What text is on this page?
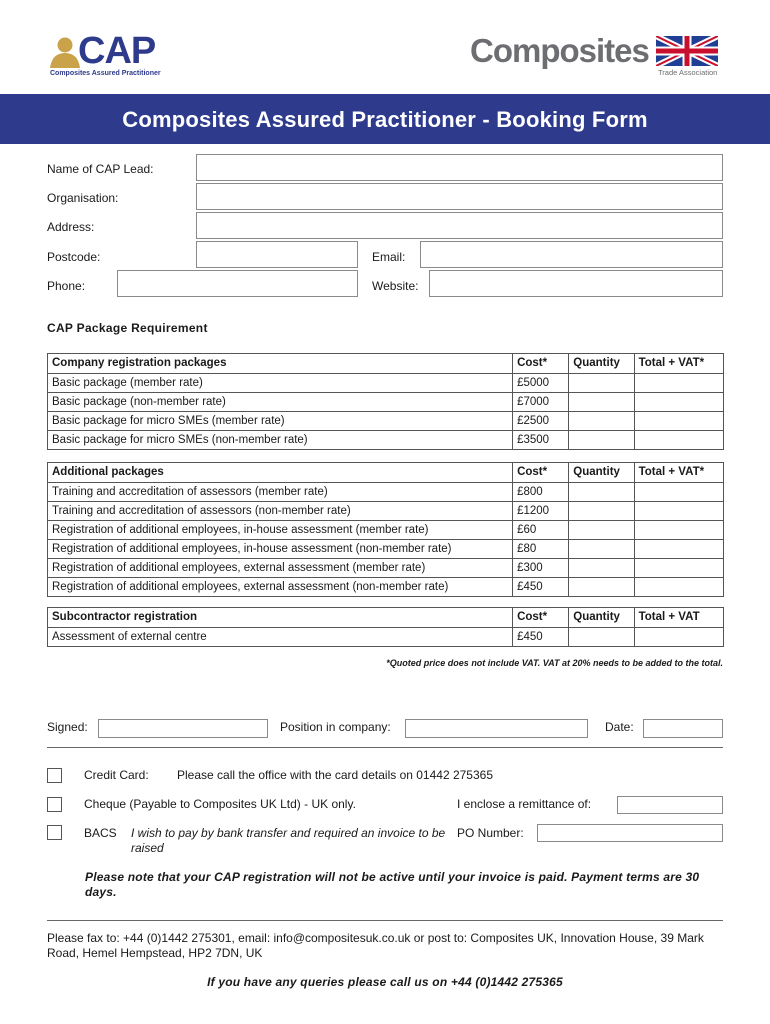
CAP
Composites Assured Practitioner
Composites
Trade Association
Composites Assured Practitioner - Booking Form
Name of CAP Lead:
Organisation:
Address:
Postcode:	Email:
Phone:	Website:
CAP Package Requirement
Company registration packages	Cost*	Quantity	Total + VAT*
Basic package (member rate)	£5000		
Basic package (non-member rate)	£7000		
Basic package for micro SMEs (member rate)	£2500		
Basic package for micro SMEs (non-member rate)	£3500		
Additional packages	Cost*	Quantity	Total + VAT*
Training and accreditation of assessors (member rate)	£800		
Training and accreditation of assessors (non-member rate)	£1200		
Registration of additional employees, in-house assessment (member rate)	£60		
Registration of additional employees, in-house assessment (non-member rate)	£80		
Registration of additional employees, external assessment (member rate)	£300		
Registration of additional employees, external assessment (non-member rate)	£450		
Subcontractor registration	Cost*	Quantity	Total + VAT
Assessment of external centre	£450		
*Quoted price does not include VAT. VAT at 20% needs to be added to the total.
Signed:	Position in company:	Date:
Credit Card: Please call the office with the card details on 01442 275365
Cheque (Payable to Composites UK Ltd) - UK only.	I enclose a remittance of:
BACS I wish to pay by bank transfer and required an invoice to be raised
PO Number:
Please note that your CAP registration will not be active until your invoice is paid. Payment terms are 30 days.
Please fax to: +44 (0)1442 275301, email: info@compositesuk.co.uk or post to: Composites UK, Innovation House, 39 Mark Road, Hemel Hempstead, HP2 7DN, UK
If you have any queries please call us on +44 (0)1442 275365
